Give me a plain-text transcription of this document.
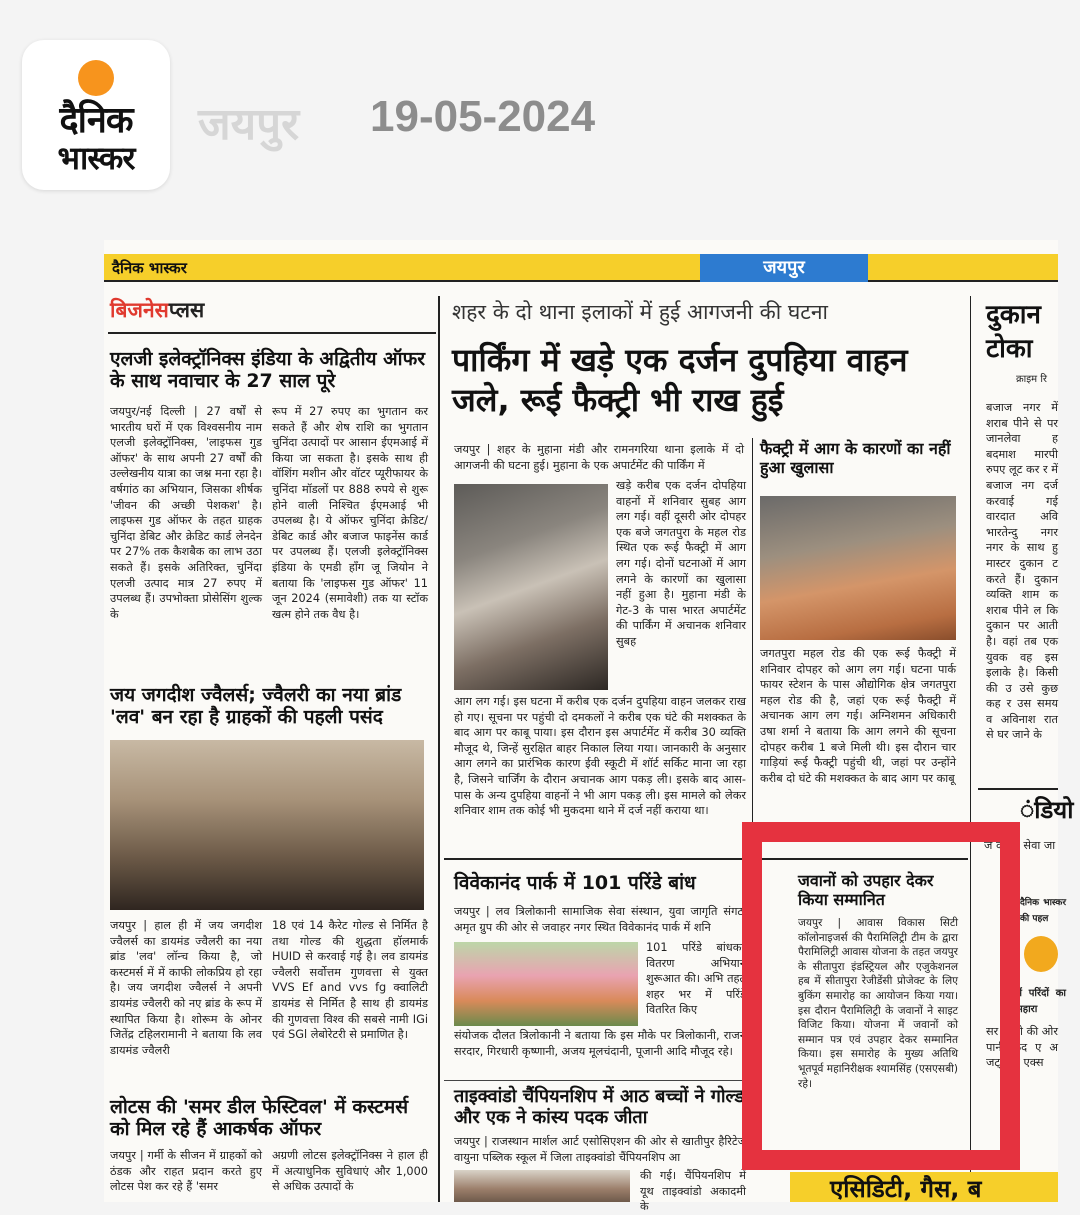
दैनिक
भास्कर
जयपुर 19-05-2024
दैनिक भास्कर	जयपुर
बिजनेसप्लस
एलजी इलेक्ट्रॉनिक्स इंडिया के अद्वितीय ऑफर के साथ नवाचार के 27 साल पूरे
जयपुर/नई दिल्ली | 27 वर्षों से भारतीय घरों में एक विश्वसनीय नाम एलजी इलेक्ट्रॉनिक्स, 'लाइफस गुड ऑफर' के साथ अपनी 27 वर्षों की उल्लेखनीय यात्रा का जश्न मना रहा है। वर्षगांठ का अभियान, जिसका शीर्षक 'जीवन की अच्छी पेशकश' है। लाइफस गुड ऑफर के तहत ग्राहक चुनिंदा डेबिट और क्रेडिट कार्ड लेनदेन पर 27% तक कैशबैक का लाभ उठा सकते हैं। इसके अतिरिक्त, चुनिंदा एलजी उत्पाद मात्र 27 रुपए में उपलब्ध हैं। उपभोक्ता प्रोसेसिंग शुल्क के
रूप में 27 रुपए का भुगतान कर सकते हैं और शेष राशि का भुगतान चुनिंदा उत्पादों पर आसान ईएमआई में किया जा सकता है। इसके साथ ही वॉशिंग मशीन और वॉटर प्यूरीफायर के चुनिंदा मॉडलों पर 888 रुपये से शुरू होने वाली निश्चित ईएमआई भी उपलब्ध है। ये ऑफर चुनिंदा क्रेडिट/डेबिट कार्ड और बजाज फाइनेंस कार्ड पर उपलब्ध हैं। एलजी इलेक्ट्रॉनिक्स इंडिया के एमडी हॉंग जू जियोन ने बताया कि 'लाइफस गुड ऑफर' 11 जून 2024 (समावेशी) तक या स्टॉक खत्म होने तक वैध है।
जय जगदीश ज्वैलर्स; ज्वैलरी का नया ब्रांड 'लव' बन रहा है ग्राहकों की पहली पसंद
जयपुर | हाल ही में जय जगदीश ज्वैलर्स का डायमंड ज्वैलरी का नया ब्रांड 'लव' लॉन्च किया है, जो कस्टमर्स में में काफी लोकप्रिय हो रहा है। जय जगदीश ज्वैलर्स ने अपनी डायमंड ज्वैलरी को नए ब्रांड के रूप में स्थापित किया है। शोरूम के ओनर जितेंद्र टहिलरामानी ने बताया कि लव डायमंड ज्वैलरी
18 एवं 14 कैरेट गोल्ड से निर्मित है तथा गोल्ड की शुद्धता हॉलमार्क HUID से करवाई गई है। लव डायमंड ज्वैलरी सर्वोत्तम गुणवत्ता से युक्त VVS Ef and vvs fg क्वालिटी डायमंड से निर्मित है साथ ही डायमंड की गुणवत्ता विश्व की सबसे नामी IGi एवं SGl लेबोरेटरी से प्रमाणित है।
लोटस की 'समर डील फेस्टिवल' में कस्टमर्स को मिल रहे हैं आकर्षक ऑफर
जयपुर | गर्मी के सीजन में ग्राहकों को ठंडक और राहत प्रदान करते हुए लोटस पेश कर रहे हैं 'समर
अग्रणी लोटस इलेक्ट्रॉनिक्स ने हाल ही में अत्याधुनिक सुविधाएं और 1,000 से अधिक उत्पादों के
शहर के दो थाना इलाकों में हुई आगजनी की घटना
पार्किंग में खड़े एक दर्जन दुपहिया वाहन जले, रूई फैक्ट्री भी राख हुई
जयपुर | शहर के मुहाना मंडी और रामनगरिया थाना इलाके में दो आगजनी की घटना हुई। मुहाना के एक अपार्टमेंट की पार्किंग में
खड़े करीब एक दर्जन दोपहिया वाहनों में शनिवार सुबह आग लग गई। वहीं दूसरी ओर दोपहर एक बजे जगतपुरा के महल रोड स्थित एक रूई फैक्ट्री में आग लग गई। दोनों घटनाओं में आग लगने के कारणों का खुलासा नहीं हुआ है। मुहाना मंडी के गेट-3 के पास भारत अपार्टमेंट की पार्किंग में अचानक शनिवार सुबह
आग लग गई। इस घटना में करीब एक दर्जन दुपहिया वाहन जलकर राख हो गए। सूचना पर पहुंची दो दमकलों ने करीब एक घंटे की मशक्कत के बाद आग पर काबू पाया। इस दौरान इस अपार्टमेंट में करीब 30 व्यक्ति मौजूद थे, जिन्हें सुरक्षित बाहर निकाल लिया गया। जानकारी के अनुसार आग लगने का प्रारंभिक कारण ईवी स्कूटी में शॉर्ट सर्किट माना जा रहा है, जिसने चार्जिंग के दौरान अचानक आग पकड़ ली। इसके बाद आस-पास के अन्य दुपहिया वाहनों ने भी आग पकड़ ली। इस मामले को लेकर शनिवार शाम तक कोई भी मुकदमा थाने में दर्ज नहीं कराया था।
फैक्ट्री में आग के कारणों का नहीं हुआ खुलासा
जगतपुरा महल रोड की एक रूई फैक्ट्री में शनिवार दोपहर को आग लग गई। घटना पार्क फायर स्टेशन के पास औद्योगिक क्षेत्र जगतपुरा महल रोड की है, जहां एक रूई फैक्ट्री में अचानक आग लग गई। अग्निशमन अधिकारी उषा शर्मा ने बताया कि आग लगने की सूचना दोपहर करीब 1 बजे मिली थी। इस दौरान चार गाड़ियां रूई फैक्ट्री पहुंची थी, जहां पर उन्होंने करीब दो घंटे की मशक्कत के बाद आग पर काबू
विवेकानंद पार्क में 101 परिंडे बांध
जयपुर | लव त्रिलोकानी सामाजिक सेवा संस्थान, युवा जागृति संगठ अमृत ग्रुप की ओर से जवाहर नगर स्थित विवेकानंद पार्क में शनि
101 परिंडे बांधकर वितरण अभियान शुरूआत की। अभि तहत शहर भर में परिंडे वितरित किए
संयोजक दौलत त्रिलोकानी ने बताया कि इस मौके पर त्रिलोकानी, राजन सरदार, गिरधारी कृष्णानी, अजय मूलचंदानी, पूजानी आदि मौजूद रहे।
ताइक्वांडो चैंपियनशिप में आठ बच्चों ने गोल्ड और एक ने कांस्य पदक जीता
जयपुर | राजस्थान मार्शल आर्ट एसोसिएशन की ओर से खातीपुर हैरिटेज वायुना पब्लिक स्कूल में जिला ताइक्वांडो चैंपियनशिप आ
की गई। चैंपियनशिप में यूथ ताइक्वांडो अकादमी के
जवानों को उपहार देकर किया सम्मानित
जयपुर | आवास विकास सिटी कॉलोनाइजर्स की पैरामिलिट्री टीम के द्वारा पैरामिलिट्री आवास योजना के तहत जयपुर के सीतापुरा इंडस्ट्रियल और एजुकेशनल हब में सीतापुरा रेजीडेंसी प्रोजेक्ट के लिए बुकिंग समारोह का आयोजन किया गया। इस दौरान पैरामिलिट्री के जवानों ने साइट विजिट किया। योजना में जवानों को सम्मान पत्र एवं उपहार देकर सम्मानित किया। इस समारोह के मुख्य अतिथि भूतपूर्व महानिरीक्षक श्यामसिंह (एसएसबी) रहे।
दुकान टोका
क्राइम रि
बजाज नगर में शराब पीने से पर जानलेवा ह बदमाश मारपी रुपए लूट कर र में बजाज नग दर्ज करवाई गई वारदात अवि भारतेन्दु नगर नगर के साथ हु मास्टर दुकान ट करते हैं। दुकान व्यक्ति शाम क शराब पीने ल कि दुकान पर आती है। वहां तब एक युवक वह इस इलाके है। किसी की उ उसे कुछ कह र उस समय व अविनाश रात से घर जाने के
ंडियो
ज दैनिक सेवा जा
दैनिक भास्कर की पहल
में परिंदों का सहारा
सर आयो की ओर पानी केद ए अ जट्स अ एक्स
एसिडिटी, गैस, ब
